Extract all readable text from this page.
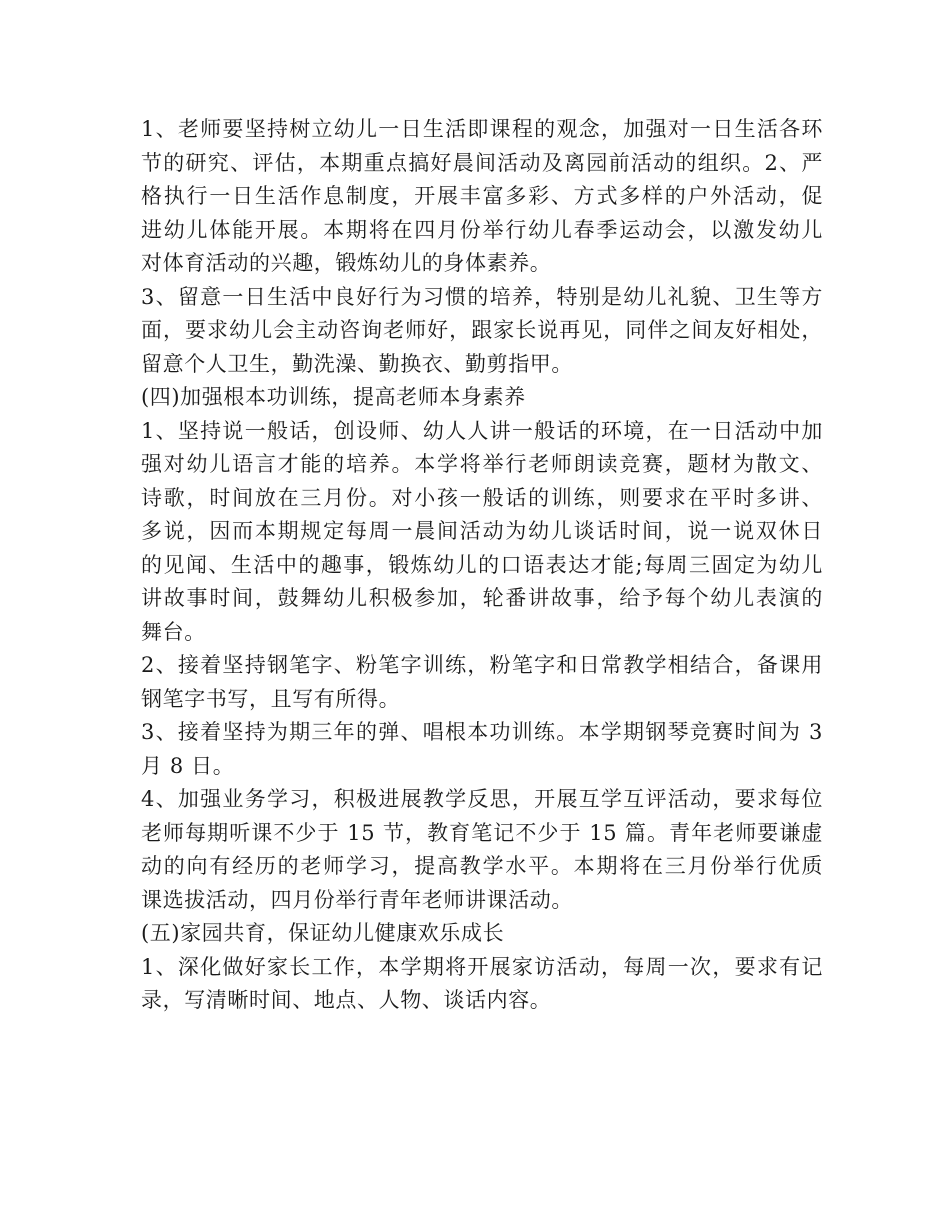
1、老师要坚持树立幼儿一日生活即课程的观念，加强对一日生活各环
节的研究、评估，本期重点搞好晨间活动及离园前活动的组织。2、严
格执行一日生活作息制度，开展丰富多彩、方式多样的户外活动，促
进幼儿体能开展。本期将在四月份举行幼儿春季运动会，以激发幼儿
对体育活动的兴趣，锻炼幼儿的身体素养。
3、留意一日生活中良好行为习惯的培养，特别是幼儿礼貌、卫生等方
面，要求幼儿会主动咨询老师好，跟家长说再见，同伴之间友好相处，
留意个人卫生，勤洗澡、勤换衣、勤剪指甲。
(四)加强根本功训练，提高老师本身素养
1、坚持说一般话，创设师、幼人人讲一般话的环境，在一日活动中加
强对幼儿语言才能的培养。本学将举行老师朗读竞赛，题材为散文、
诗歌，时间放在三月份。对小孩一般话的训练，则要求在平时多讲、
多说，因而本期规定每周一晨间活动为幼儿谈话时间，说一说双休日
的见闻、生活中的趣事，锻炼幼儿的口语表达才能;每周三固定为幼儿
讲故事时间，鼓舞幼儿积极参加，轮番讲故事，给予每个幼儿表演的
舞台。
2、接着坚持钢笔字、粉笔字训练，粉笔字和日常教学相结合，备课用
钢笔字书写，且写有所得。
3、接着坚持为期三年的弹、唱根本功训练。本学期钢琴竞赛时间为 3
月 8 日。
4、加强业务学习，积极进展教学反思，开展互学互评活动，要求每位
老师每期听课不少于 15 节，教育笔记不少于 15 篇。青年老师要谦虚
动的向有经历的老师学习，提高教学水平。本期将在三月份举行优质
课选拔活动，四月份举行青年老师讲课活动。
(五)家园共育，保证幼儿健康欢乐成长
1、深化做好家长工作，本学期将开展家访活动，每周一次，要求有记
录，写清晰时间、地点、人物、谈话内容。
